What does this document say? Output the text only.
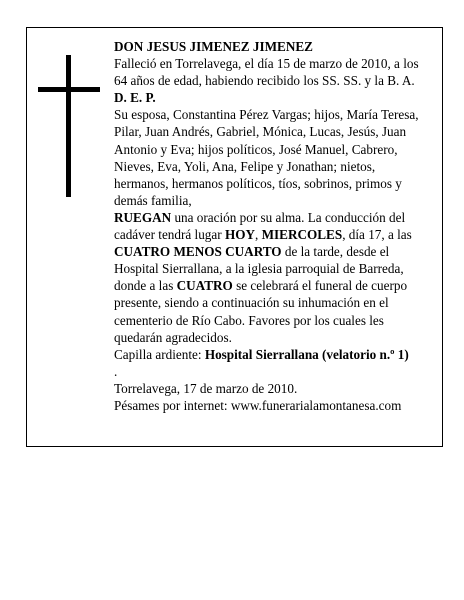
DON JESUS JIMENEZ JIMENEZ

Falleció en Torrelavega, el día 15 de marzo de 2010, a los 64 años de edad, habiendo recibido los SS. SS. y la B. A.

D. E. P.

Su esposa, Constantina Pérez Vargas; hijos, María Teresa, Pilar, Juan Andrés, Gabriel, Mónica, Lucas, Jesús, Juan Antonio y Eva; hijos políticos, José Manuel, Cabrero, Nieves, Eva, Yoli, Ana, Felipe y Jonathan; nietos, hermanos, hermanos políticos, tíos, sobrinos, primos y demás familia,

RUEGAN una oración por su alma. La conducción del cadáver tendrá lugar HOY, MIERCOLES, día 17, a las CUATRO MENOS CUARTO de la tarde, desde el Hospital Sierrallana, a la iglesia parroquial de Barreda, donde a las CUATRO se celebrará el funeral de cuerpo presente, siendo a continuación su inhumación en el cementerio de Río Cabo. Favores por los cuales les quedarán agradecidos.

Capilla ardiente: Hospital Sierrallana (velatorio n.º 1)

.

Torrelavega, 17 de marzo de 2010.

Pésames por internet: www.funerarialamontanesa.com
